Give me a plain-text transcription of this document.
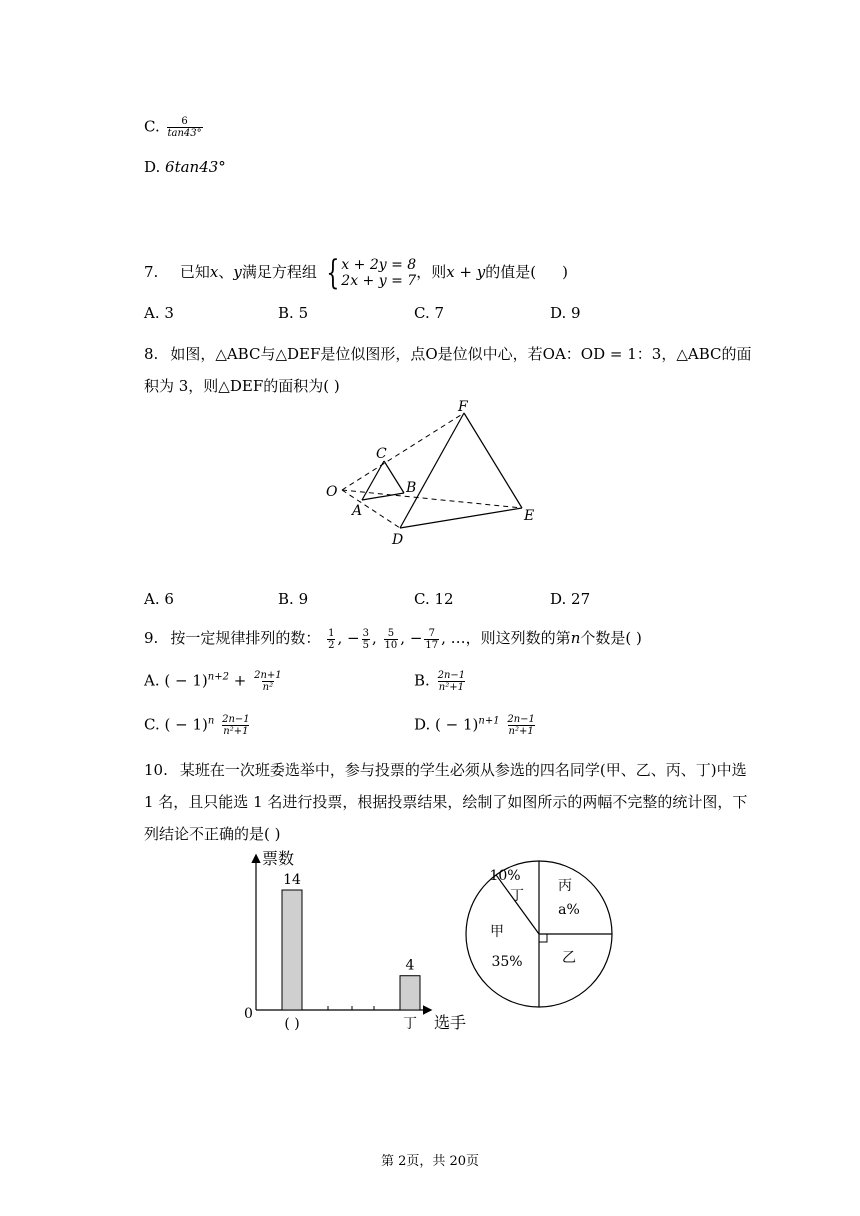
C. $\frac{6}{\tan 43^\circ}$
D. 6tan43°
7. 已知x、y满足方程组 { x + 2y = 8
2x + y = 7 ，则x + y的值是( )
A. 3	B. 5	C. 7	D. 9
8. 如图，△ABC与△DEF是位似图形，点O是位似中心，若OA：OD = 1：3，△ABC的面
积为 3，则△DEF的面积为( )
O
A
B
C
D
E
F
A. 6	B. 9	C. 12	D. 27
9. 按一定规律排列的数： $\frac{1}{2}$ , − $\frac{3}{5}$ , $\frac{5}{10}$ , − $\frac{7}{17}$ , …，则这列数的第n个数是( )
A. ( − $1)^{n+2} + \frac{2n+1}{\text{n²}}$	B. $\frac{2n-1}{\text{n²+1}}$
C. ( − $1)^n \frac{2n-1}{\text{n²+1}}$	D. ( − $1)^{n+1} \frac{2n-1}{\text{n²+1}}$
10. 某班在一次班委选举中，参与投票的学生必须从参选的四名同学(甲、乙、丙、丁)中选
1 名，且只能选 1 名进行投票，根据投票结果，绘制了如图所示的两幅不完整的统计图，下
列结论不正确的是( )
票数
选手
0
14
( )
4
丁
10%
丁
丙
a%
乙
甲
35%
第 2页，共 20页
